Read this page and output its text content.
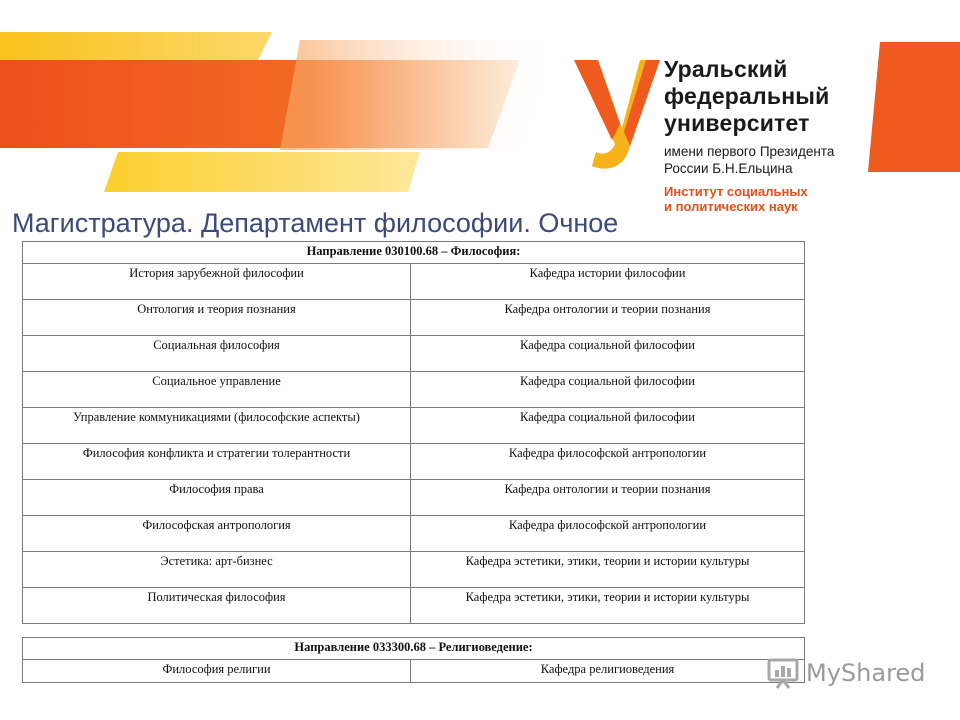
Уральский
федеральный
университет
имени первого Президента
России Б.Н.Ельцина
Институт социальных
и политических наук
Магистратура. Департамент философии. Очное
Направление 030100.68 – Философия:	
История зарубежной философии	Кафедра истории философии
Онтология и теория познания	Кафедра онтологии и теории познания
Социальная философия	Кафедра социальной философии
Социальное управление	Кафедра социальной философии
Управление коммуникациями (философские аспекты)	Кафедра социальной философии
Философия конфликта и стратегии толерантности	Кафедра философской антропологии
Философия права	Кафедра онтологии и теории познания
Философская антропология	Кафедра философской антропологии
Эстетика: арт-бизнес	Кафедра эстетики, этики, теории и истории культуры
Политическая философия	Кафедра эстетики, этики, теории и истории культуры
Направление 033300.68 – Религиоведение:
Философия религии	Кафедра религиоведения	MyShared
